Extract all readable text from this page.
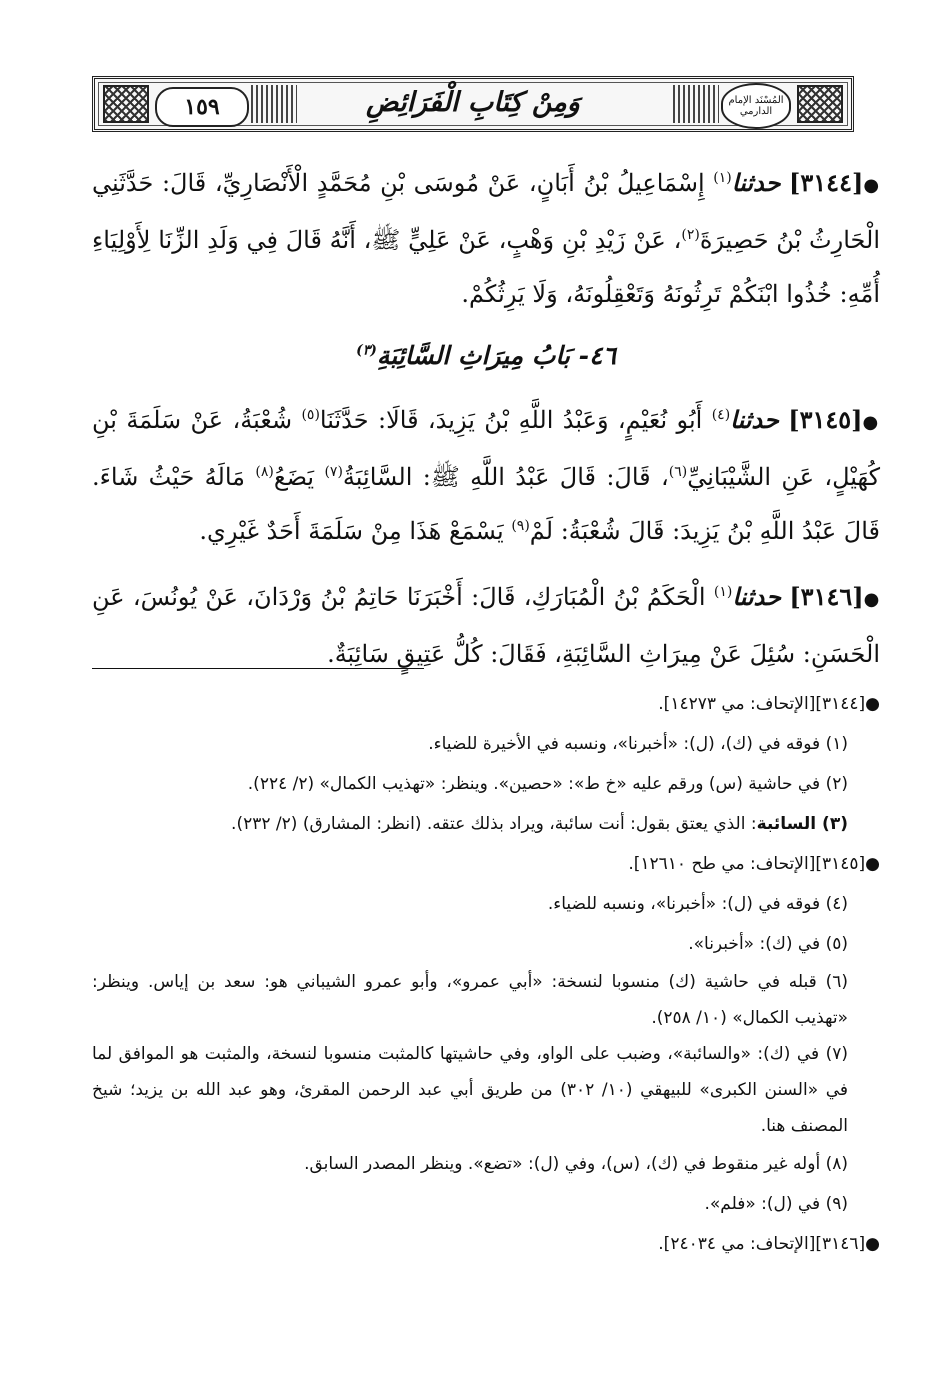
المُسْنَد الإمام الدارمي
وَمِنْ كِتَابِ الْفَرَائِضِ
١٥٩

●[٣١٤٤] حدثنا$^{(١)}$ إِسْمَاعِيلُ بْنُ أَبَانٍ، عَنْ مُوسَى بْنِ مُحَمَّدٍ الْأَنْصَارِيِّ، قَالَ: حَدَّثَنِي الْحَارِثُ بْنُ حَصِيرَةَ$^{(٢)}$، عَنْ زَيْدِ بْنِ وَهْبٍ، عَنْ عَلِيٍّ ﷺ، أَنَّهُ قَالَ فِي وَلَدِ الزِّنَا لِأَوْلِيَاءِ أُمِّهِ: خُذُوا ابْنَكُمْ تَرِثُونَهُ وَتَعْقِلُونَهُ، وَلَا يَرِثُكُمْ.

٤٦- بَابُ مِيرَاثِ السَّائِبَةِ$^{(٣)}$

●[٣١٤٥] حدثنا$^{(٤)}$ أَبُو نُعَيْمٍ، وَعَبْدُ اللَّهِ بْنُ يَزِيدَ، قَالَا: حَدَّثَنَا$^{(٥)}$ شُعْبَةُ، عَنْ سَلَمَةَ بْنِ كُهَيْلٍ، عَنِ الشَّيْبَانِيِّ$^{(٦)}$، قَالَ: قَالَ عَبْدُ اللَّهِ ﷺ: السَّائِبَةُ$^{(٧)}$ يَضَعُ$^{(٨)}$ مَالَهُ حَيْثُ شَاءَ. قَالَ عَبْدُ اللَّهِ بْنُ يَزِيدَ: قَالَ شُعْبَةُ: لَمْ$^{(٩)}$ يَسْمَعْ هَذَا مِنْ سَلَمَةَ أَحَدٌ غَيْرِي.

●[٣١٤٦] حدثنا$^{(١)}$ الْحَكَمُ بْنُ الْمُبَارَكِ، قَالَ: أَخْبَرَنَا حَاتِمُ بْنُ وَرْدَانَ، عَنْ يُونُسَ، عَنِ الْحَسَنِ: سُئِلَ عَنْ مِيرَاثِ السَّائِبَةِ، فَقَالَ: كُلُّ عَتِيقٍ سَائِبَةٌ.

●[٣١٤٤][الإتحاف: مي ١٤٢٧٣].

(١) فوقه في (ك)، (ل): «أخبرنا»، ونسبه في الأخيرة للضياء.

(٢) في حاشية (س) ورقم عليه «خ ط»: «حصين». وينظر: «تهذيب الكمال» (٢/ ٢٢٤).

(٣) السائبة: الذي يعتق بقول: أنت سائبة، ويراد بذلك عتقه. (انظر: المشارق) (٢/ ٢٣٢).

●[٣١٤٥][الإتحاف: مي طح ١٢٦١٠].

(٤) فوقه في (ل): «أخبرنا»، ونسبه للضياء.

(٥) في (ك): «أخبرنا».

(٦) قبله في حاشية (ك) منسوبا لنسخة: «أبي عمرو»، وأبو عمرو الشيباني هو: سعد بن إياس. وينظر: «تهذيب الكمال» (١٠/ ٢٥٨).

(٧) في (ك): «والسائبة»، وضبب على الواو، وفي حاشيتها كالمثبت منسوبا لنسخة، والمثبت هو الموافق لما في «السنن الكبرى» للبيهقي (١٠/ ٣٠٢) من طريق أبي عبد الرحمن المقرئ، وهو عبد الله بن يزيد؛ شيخ المصنف هنا.

(٨) أوله غير منقوط في (ك)، (س)، وفي (ل): «تضع». وينظر المصدر السابق.

(٩) في (ل): «فلم».

●[٣١٤٦][الإتحاف: مي ٢٤٠٣٤].
